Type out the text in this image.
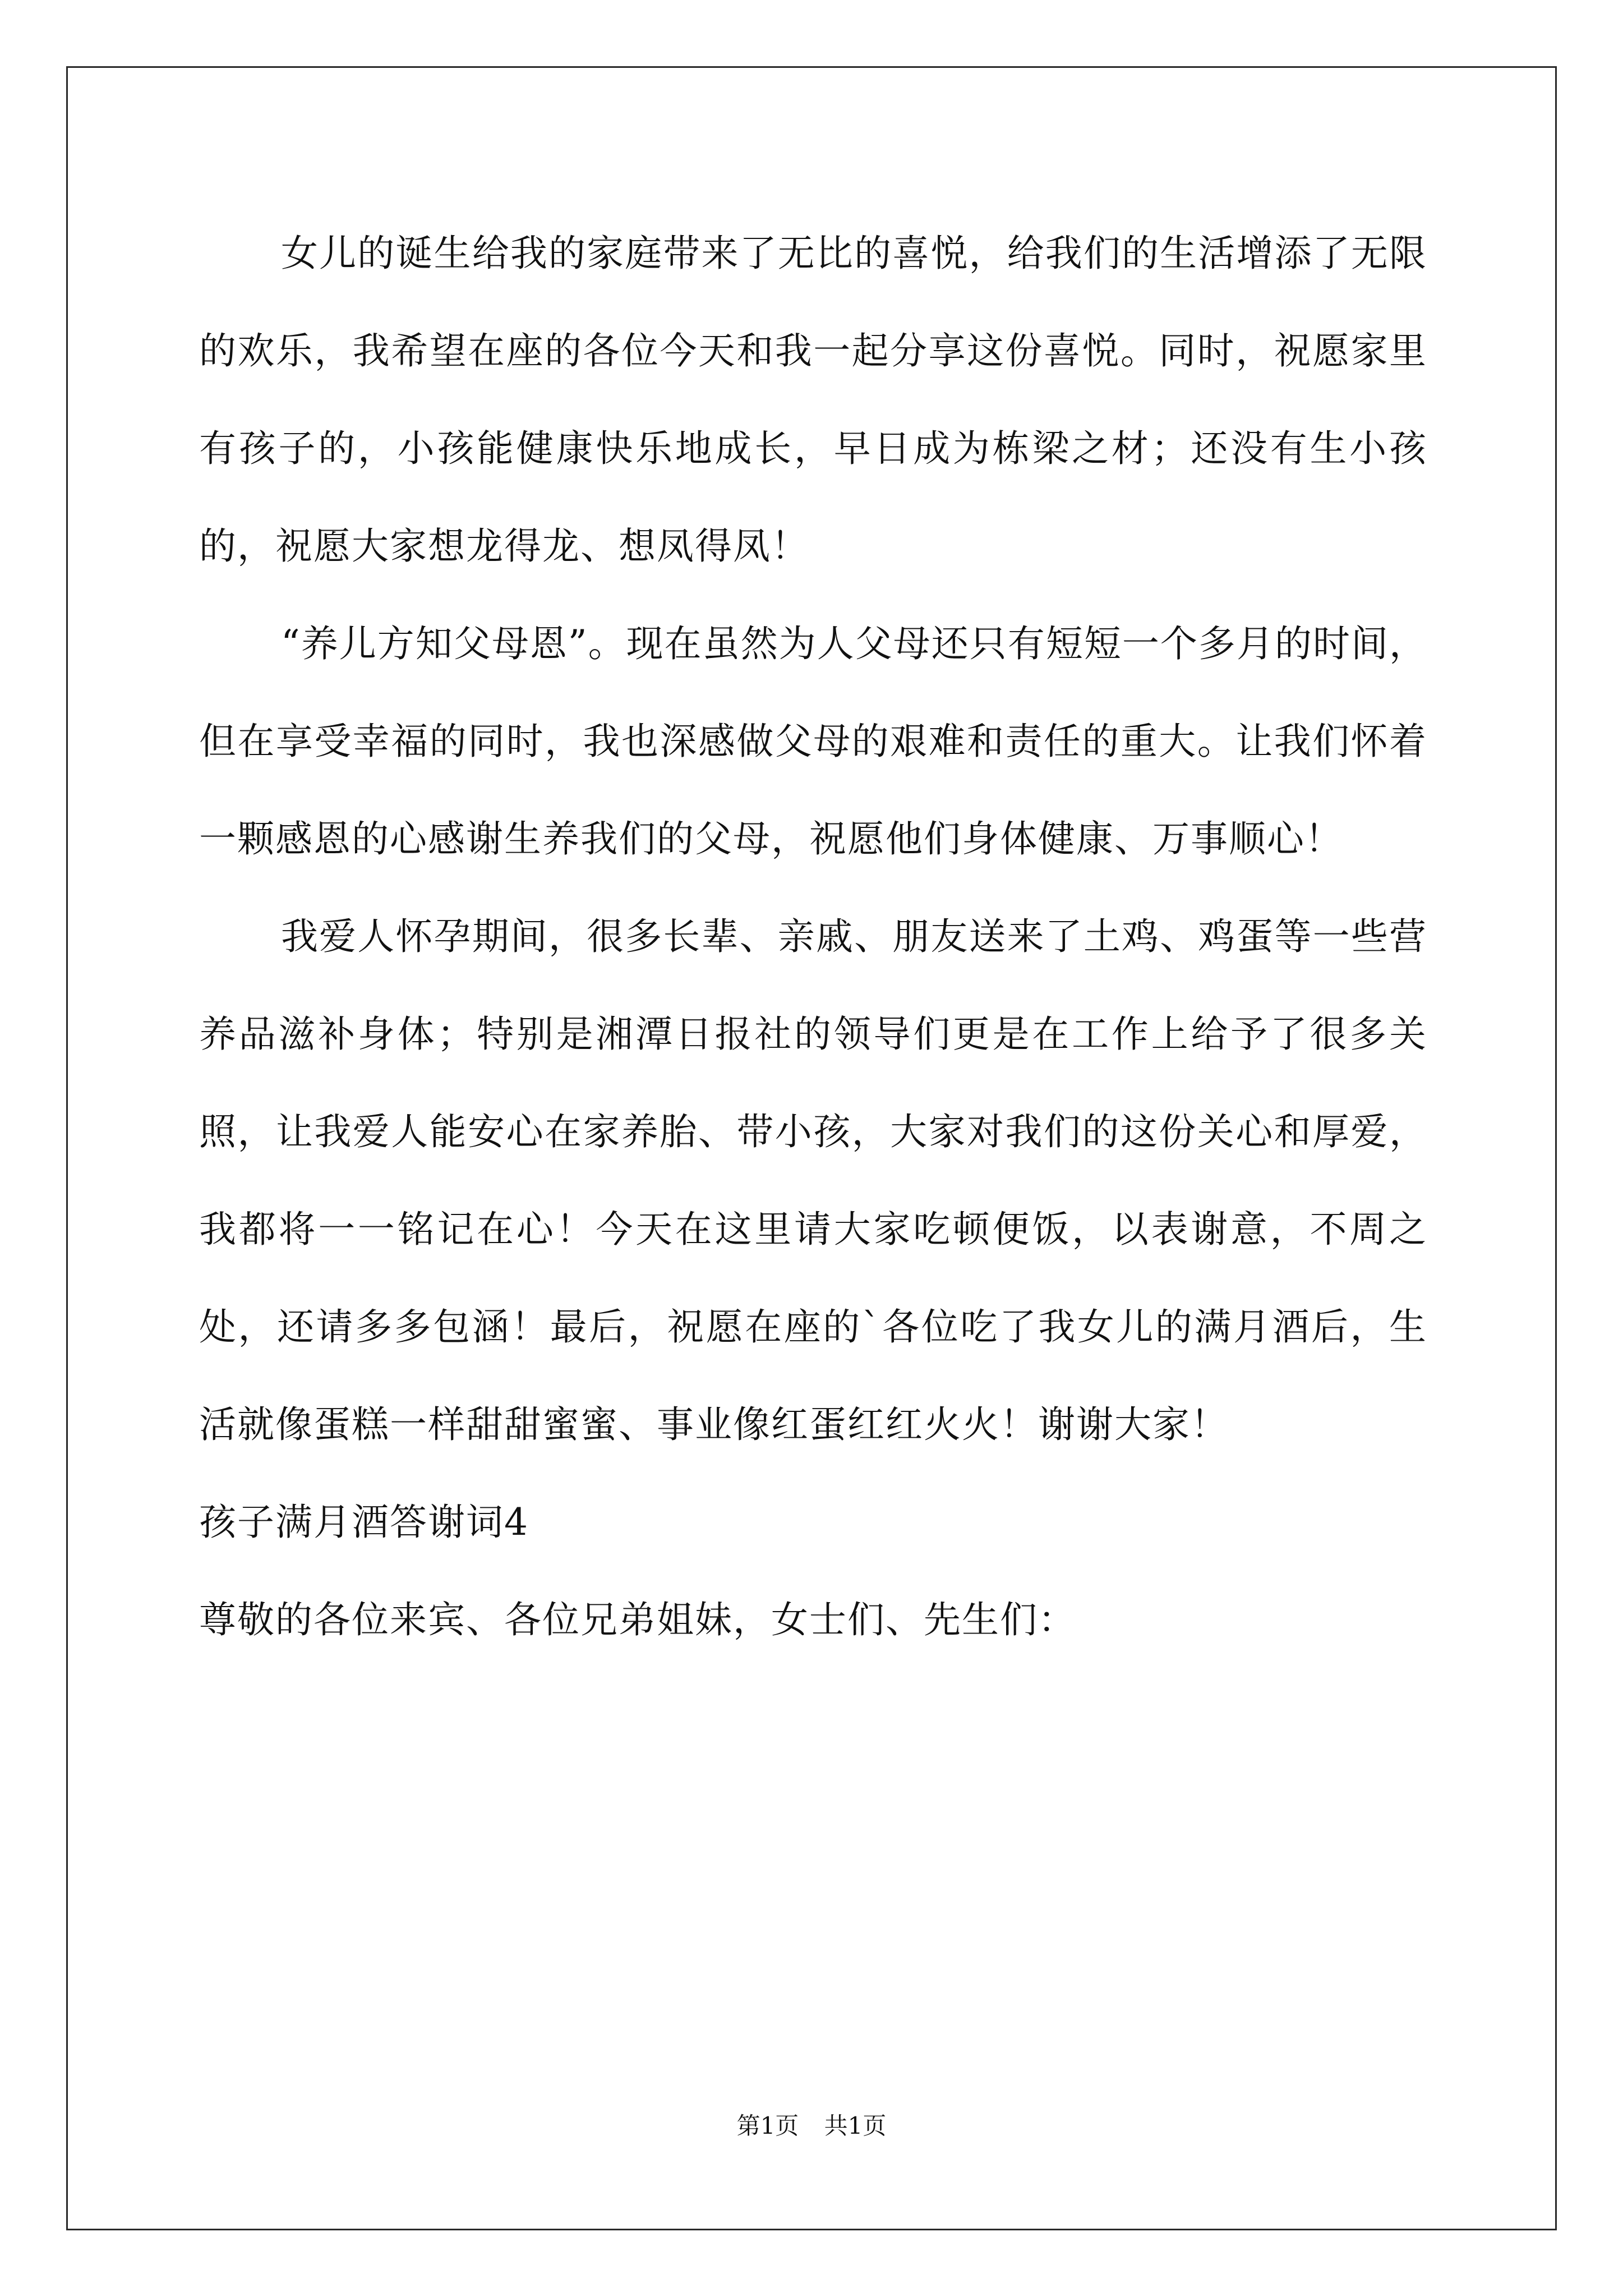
女儿的诞生给我的家庭带来了无比的喜悦，给我们的生活增添了无限的欢乐，我希望在座的各位今天和我一起分享这份喜悦。同时，祝愿家里有孩子的，小孩能健康快乐地成长，早日成为栋梁之材；还没有生小孩的，祝愿大家想龙得龙、想凤得凤！

“养儿方知父母恩”。现在虽然为人父母还只有短短一个多月的时间，但在享受幸福的同时，我也深感做父母的艰难和责任的重大。让我们怀着一颗感恩的心感谢生养我们的父母，祝愿他们身体健康、万事顺心！

我爱人怀孕期间，很多长辈、亲戚、朋友送来了土鸡、鸡蛋等一些营养品滋补身体；特别是湘潭日报社的领导们更是在工作上给予了很多关照，让我爱人能安心在家养胎、带小孩，大家对我们的这份关心和厚爱，我都将一一铭记在心！今天在这里请大家吃顿便饭，以表谢意，不周之处，还请多多包涵！最后，祝愿在座的`各位吃了我女儿的满月酒后，生活就像蛋糕一样甜甜蜜蜜、事业像红蛋红红火火！谢谢大家！

孩子满月酒答谢词4

尊敬的各位来宾、各位兄弟姐妹，女士们、先生们：

第1页 共1页
